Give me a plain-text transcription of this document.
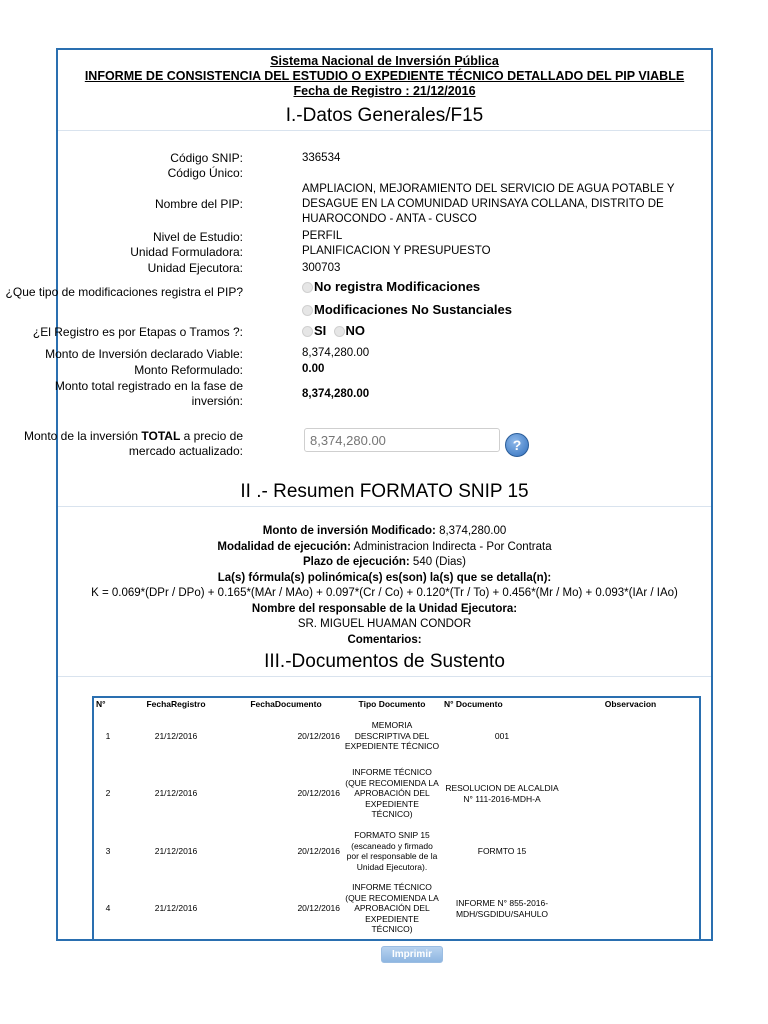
Sistema Nacional de Inversión Pública
INFORME DE CONSISTENCIA DEL ESTUDIO O EXPEDIENTE TÉCNICO DETALLADO DEL PIP VIABLE
Fecha de Registro : 21/12/2016
I.-Datos Generales/F15
Código SNIP:	336534
Código Único:
Nombre del PIP:
AMPLIACION, MEJORAMIENTO DEL SERVICIO DE AGUA POTABLE Y DESAGUE EN LA COMUNIDAD URINSAYA COLLANA, DISTRITO DE HUAROCONDO - ANTA - CUSCO
Nivel de Estudio:	PERFIL
Unidad Formuladora:	PLANIFICACION Y PRESUPUESTO
Unidad Ejecutora:	300703
¿Que tipo de modificaciones registra el PIP?	No registra Modificaciones
Modificaciones No Sustanciales
¿El Registro es por Etapas o Tramos ?:	SI NO
Monto de Inversión declarado Viable:	8,374,280.00
Monto Reformulado:	0.00
Monto total registrado en la fase de inversión:	8,374,280.00
Monto de la inversión TOTAL a precio de mercado actualizado:
8,374,280.00	?
II .- Resumen FORMATO SNIP 15
Monto de inversión Modificado: 8,374,280.00
Modalidad de ejecución: Administracion Indirecta - Por Contrata
Plazo de ejecución: 540 (Dias)
La(s) fórmula(s) polinómica(s) es(son) la(s) que se detalla(n):
K = 0.069*(DPr / DPo) + 0.165*(MAr / MAo) + 0.097*(Cr / Co) + 0.120*(Tr / To) + 0.456*(Mr / Mo) + 0.093*(IAr / IAo)
Nombre del responsable de la Unidad Ejecutora:
SR. MIGUEL HUAMAN CONDOR
Comentarios:
III.-Documentos de Sustento
N°	FechaRegistro	FechaDocumento	Tipo Documento	N° Documento	Observacion
1	21/12/2016	20/12/2016	MEMORIA DESCRIPTIVA DEL EXPEDIENTE TÉCNICO	001	
2	21/12/2016	20/12/2016	INFORME TÉCNICO (QUE RECOMIENDA LA APROBACIÓN DEL EXPEDIENTE TÉCNICO)	RESOLUCION DE ALCALDIA N° 111-2016-MDH-A	
3	21/12/2016	20/12/2016	FORMATO SNIP 15 (escaneado y firmado por el responsable de la Unidad Ejecutora).	FORMTO 15	
4	21/12/2016	20/12/2016	INFORME TÉCNICO (QUE RECOMIENDA LA APROBACIÓN DEL EXPEDIENTE TÉCNICO)	INFORME N° 855-2016-MDH/SGDIDU/SAHULO	
Imprimir
